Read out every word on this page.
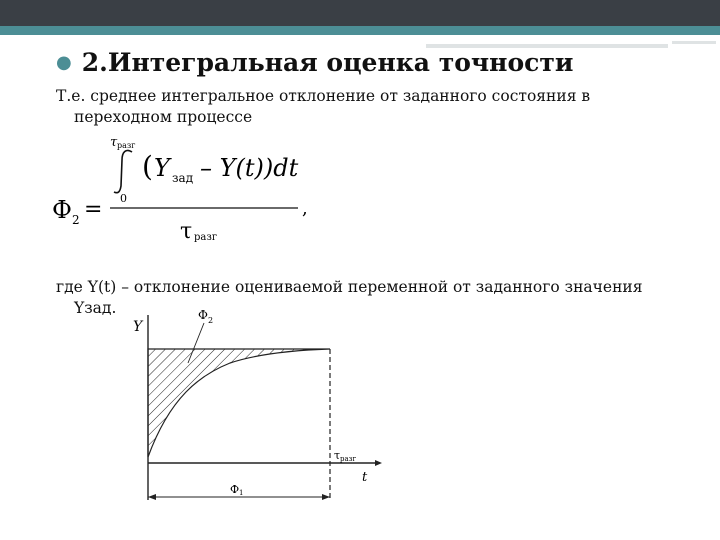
● 2.Интегральная оценка точности
Т.е. среднее интегральное отклонение от заданного состояния в
переходном процессе
Ф 2 =
τ разг
0
( Y зад – Y(t))dt
,
τ разг
где Y(t) – отклонение оцениваемой переменной от заданного значения
Yзад.
Y
t
Ф 2
τ разг
Ф 1
